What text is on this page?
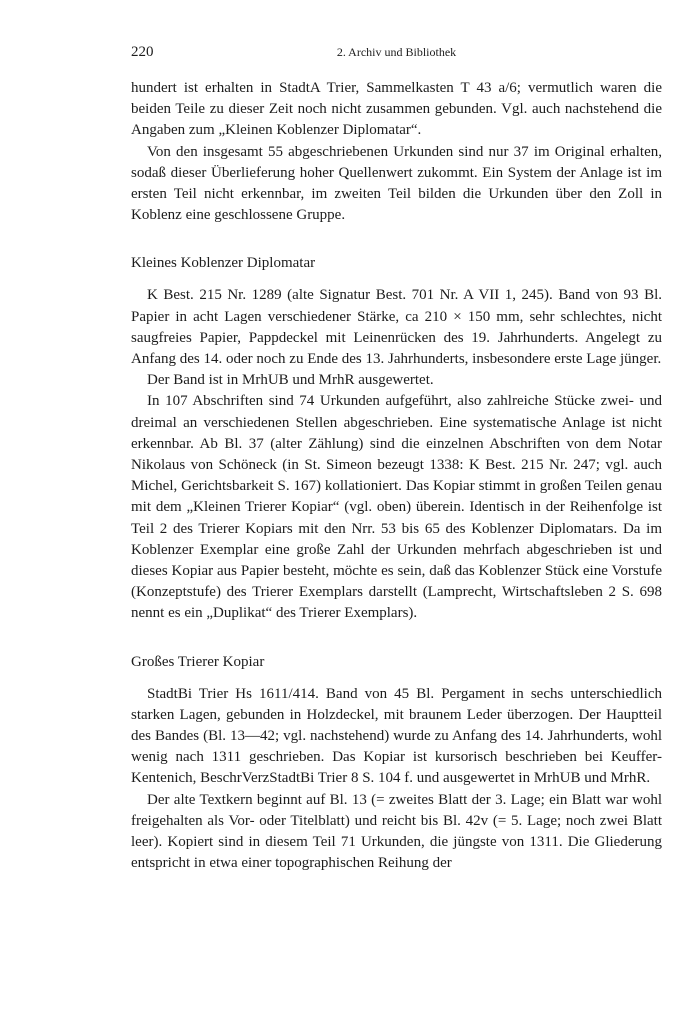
220	2. Archiv und Bibliothek

hundert ist erhalten in StadtA Trier, Sammelkasten T 43 a/6; vermutlich waren die beiden Teile zu dieser Zeit noch nicht zusammen gebunden. Vgl. auch nachstehend die Angaben zum „Kleinen Koblenzer Diplomatar“.

Von den insgesamt 55 abgeschriebenen Urkunden sind nur 37 im Original erhalten, sodaß dieser Überlieferung hoher Quellenwert zukommt. Ein System der Anlage ist im ersten Teil nicht erkennbar, im zweiten Teil bilden die Urkunden über den Zoll in Koblenz eine geschlossene Gruppe.

Kleines Koblenzer Diplomatar

K Best. 215 Nr. 1289 (alte Signatur Best. 701 Nr. A VII 1, 245). Band von 93 Bl. Papier in acht Lagen verschiedener Stärke, ca 210 × 150 mm, sehr schlechtes, nicht saugfreies Papier, Pappdeckel mit Leinenrücken des 19. Jahrhunderts. Angelegt zu Anfang des 14. oder noch zu Ende des 13. Jahrhunderts, insbesondere erste Lage jünger.

Der Band ist in MrhUB und MrhR ausgewertet.

In 107 Abschriften sind 74 Urkunden aufgeführt, also zahlreiche Stücke zwei- und dreimal an verschiedenen Stellen abgeschrieben. Eine systematische Anlage ist nicht erkennbar. Ab Bl. 37 (alter Zählung) sind die einzelnen Abschriften von dem Notar Nikolaus von Schöneck (in St. Simeon bezeugt 1338: K Best. 215 Nr. 247; vgl. auch Michel, Gerichtsbarkeit S. 167) kollationiert. Das Kopiar stimmt in großen Teilen genau mit dem „Kleinen Trierer Kopiar“ (vgl. oben) überein. Identisch in der Reihenfolge ist Teil 2 des Trierer Kopiars mit den Nrr. 53 bis 65 des Koblenzer Diplomatars. Da im Koblenzer Exemplar eine große Zahl der Urkunden mehrfach abgeschrieben ist und dieses Kopiar aus Papier besteht, möchte es sein, daß das Koblenzer Stück eine Vorstufe (Konzeptstufe) des Trierer Exemplars darstellt (Lamprecht, Wirtschaftsleben 2 S. 698 nennt es ein „Duplikat“ des Trierer Exemplars).

Großes Trierer Kopiar

StadtBi Trier Hs 1611/414. Band von 45 Bl. Pergament in sechs unterschiedlich starken Lagen, gebunden in Holzdeckel, mit braunem Leder überzogen. Der Hauptteil des Bandes (Bl. 13—42; vgl. nachstehend) wurde zu Anfang des 14. Jahrhunderts, wohl wenig nach 1311 geschrieben. Das Kopiar ist kursorisch beschrieben bei Keuffer-Kentenich, BeschrVerzStadtBi Trier 8 S. 104 f. und ausgewertet in MrhUB und MrhR.

Der alte Textkern beginnt auf Bl. 13 (= zweites Blatt der 3. Lage; ein Blatt war wohl freigehalten als Vor- oder Titelblatt) und reicht bis Bl. 42v (= 5. Lage; noch zwei Blatt leer). Kopiert sind in diesem Teil 71 Urkunden, die jüngste von 1311. Die Gliederung entspricht in etwa einer topographischen Reihung der
